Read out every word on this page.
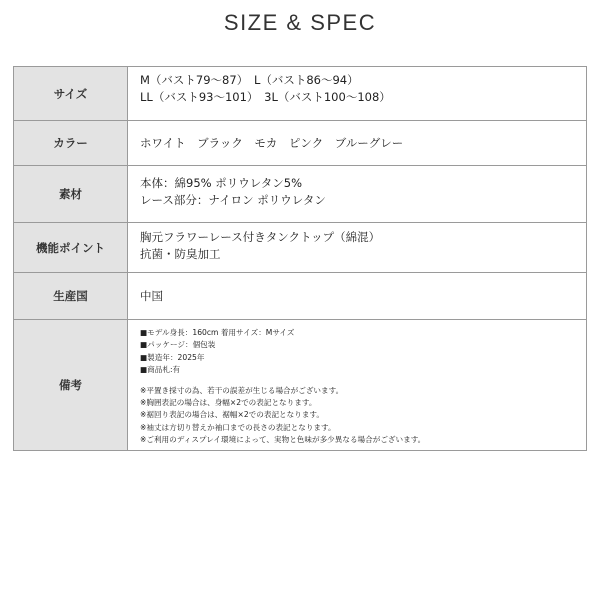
SIZE & SPEC
サイズ
M（バスト79～87）　L（バスト86～94）
LL（バスト93～101）　3L（バスト100～108）
カラー	ホワイト　ブラック　モカ　ピンク　ブルーグレー
素材
本体：綿95% ポリウレタン5%
レース部分：ナイロン ポリウレタン
機能ポイント
胸元フラワーレース付きタンクトップ（綿混）
抗菌・防臭加工
生産国	中国
備考
■モデル身長：160cm 着用サイズ：Mサイズ
■パッケージ：個包装
■製造年：2025年
■商品札:有
※平置き採寸の為、若干の誤差が生じる場合がございます。
※胸囲表記の場合は、身幅×2での表記となります。
※裾回り表記の場合は、裾幅×2での表記となります。
※袖丈は方切り替えか袖口までの長さの表記となります。
※ご利用のディスプレイ環境によって、実物と色味が多少異なる場合がございます。
